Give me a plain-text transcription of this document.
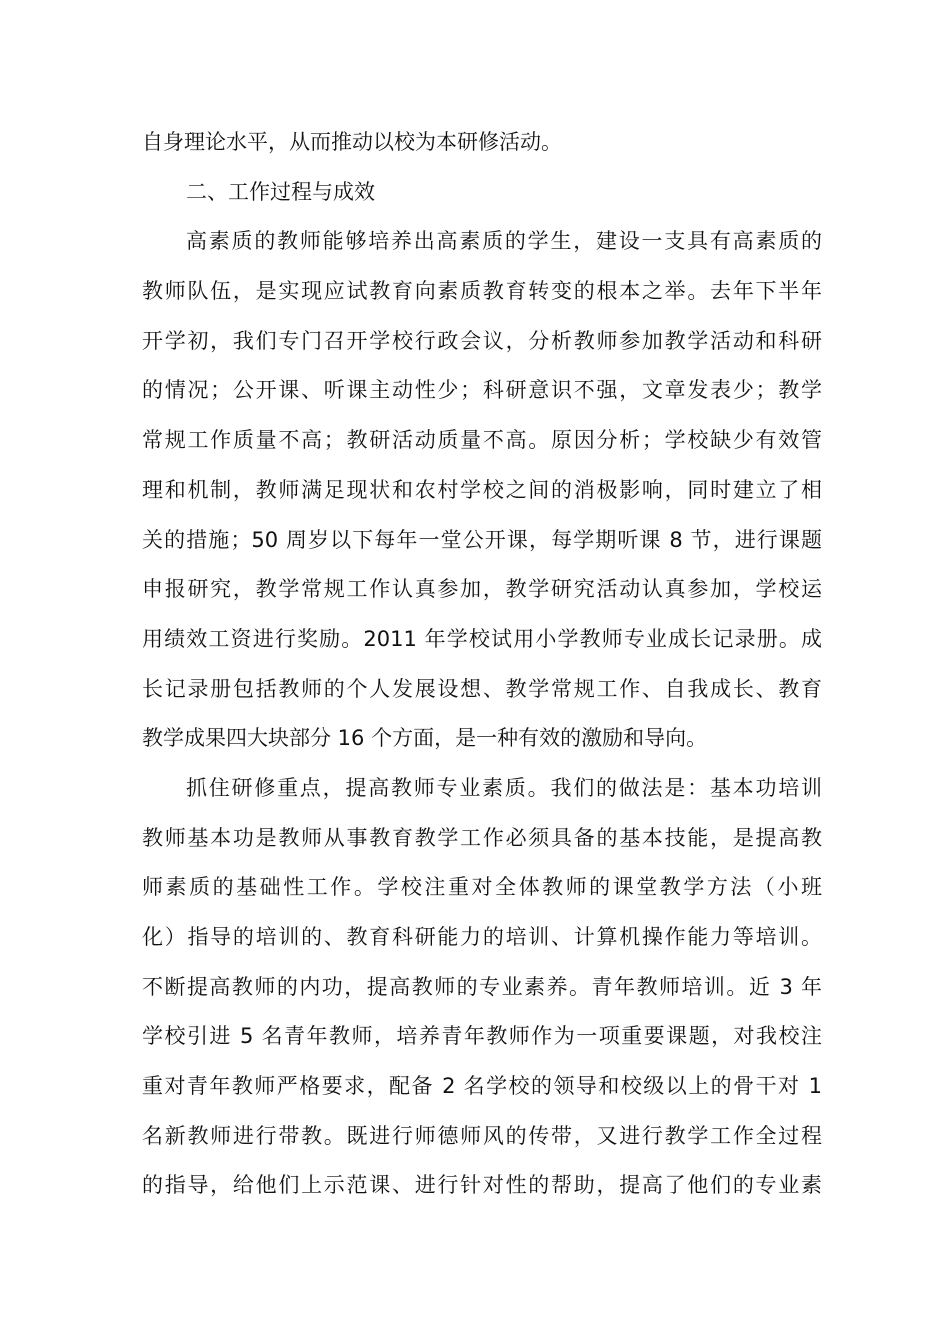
自身理论水平，从而推动以校为本研修活动。
二、工作过程与成效
高素质的教师能够培养出高素质的学生，建设一支具有高素质的
教师队伍，是实现应试教育向素质教育转变的根本之举。去年下半年
开学初，我们专门召开学校行政会议，分析教师参加教学活动和科研
的情况；公开课、听课主动性少；科研意识不强，文章发表少；教学
常规工作质量不高；教研活动质量不高。原因分析；学校缺少有效管
理和机制，教师满足现状和农村学校之间的消极影响，同时建立了相
关的措施；50 周岁以下每年一堂公开课，每学期听课 8 节，进行课题
申报研究，教学常规工作认真参加，教学研究活动认真参加，学校运
用绩效工资进行奖励。2011 年学校试用小学教师专业成长记录册。成
长记录册包括教师的个人发展设想、教学常规工作、自我成长、教育
教学成果四大块部分 16 个方面，是一种有效的激励和导向。
抓住研修重点，提高教师专业素质。我们的做法是：基本功培训
教师基本功是教师从事教育教学工作必须具备的基本技能，是提高教
师素质的基础性工作。学校注重对全体教师的课堂教学方法（小班
化）指导的培训的、教育科研能力的培训、计算机操作能力等培训。
不断提高教师的内功，提高教师的专业素养。青年教师培训。近 3 年
学校引进 5 名青年教师，培养青年教师作为一项重要课题，对我校注
重对青年教师严格要求，配备 2 名学校的领导和校级以上的骨干对 1
名新教师进行带教。既进行师德师风的传带，又进行教学工作全过程
的指导，给他们上示范课、进行针对性的帮助，提高了他们的专业素
